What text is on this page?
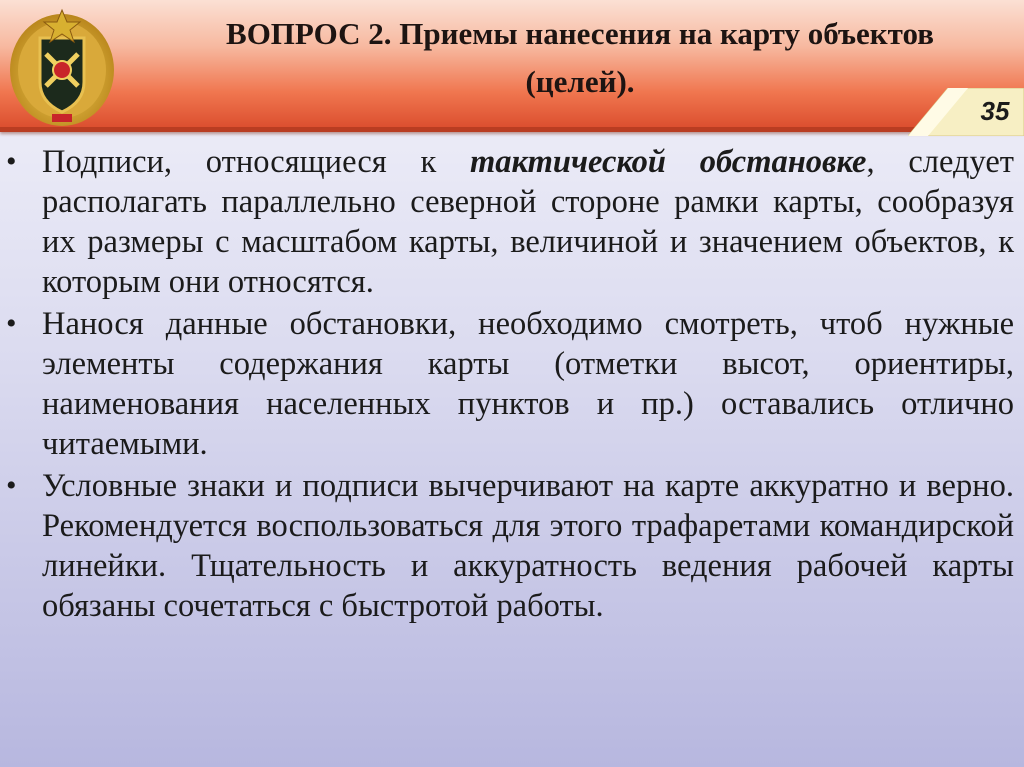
ВОПРОС 2. Приемы нанесения на карту объектов
(целей).
35
• Подписи, относящиеся к тактической обстановке, следует располагать параллельно северной стороне рамки карты, сообразуя их размеры с масштабом карты, величиной и значением объектов, к которым они относятся.
• Нанося данные обстановки, необходимо смотреть, чтоб нужные элементы содержания карты (отметки высот, ориентиры, наименования населенных пунктов и пр.) оставались отлично читаемыми.
• Условные знаки и подписи вычерчивают на карте аккуратно и верно. Рекомендуется воспользоваться для этого трафаретами командирской линейки. Тщательность и аккуратность ведения рабочей карты обязаны сочетаться с быстротой работы.
